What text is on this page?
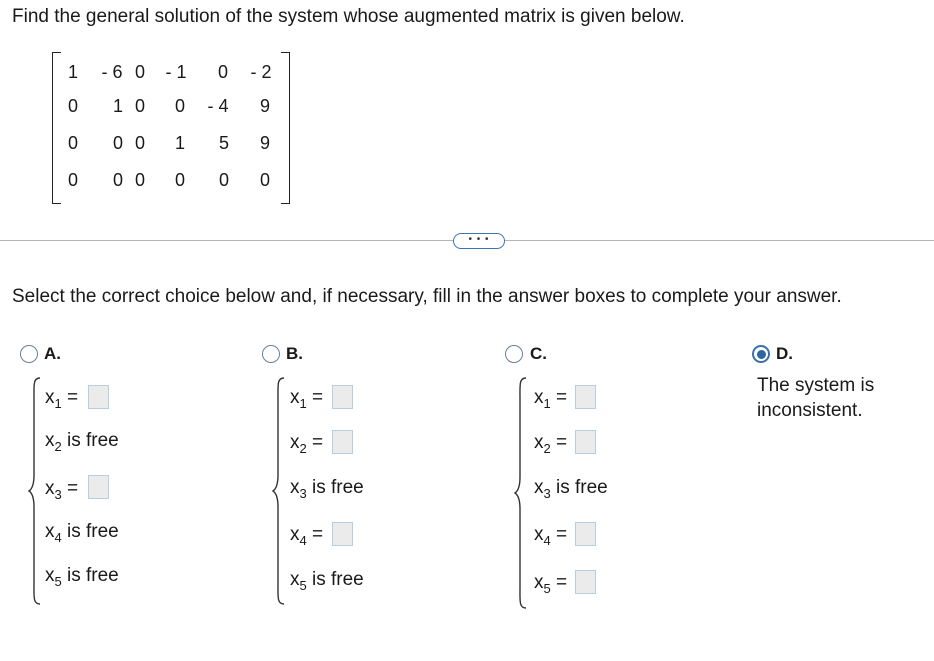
Find the general solution of the system whose augmented matrix is given below.
1 - 6 0 - 1 0 - 2
0 1 0 0 - 4 9
0 0 0 1 5 9
0 0 0 0 0 0
• • •
Select the correct choice below and, if necessary, fill in the answer boxes to complete your answer.
A.
$x_1$ =
$x_2$ is free
$x_3$ =
$x_4$ is free
$x_5$ is free
B.
$x_1$ =
$x_2$ =
$x_3$ is free
$x_4$ =
$x_5$ is free
C.
$x_1$ =
$x_2$ =
$x_3$ is free
$x_4$ =
$x_5$ =
D.
The system is
inconsistent.
